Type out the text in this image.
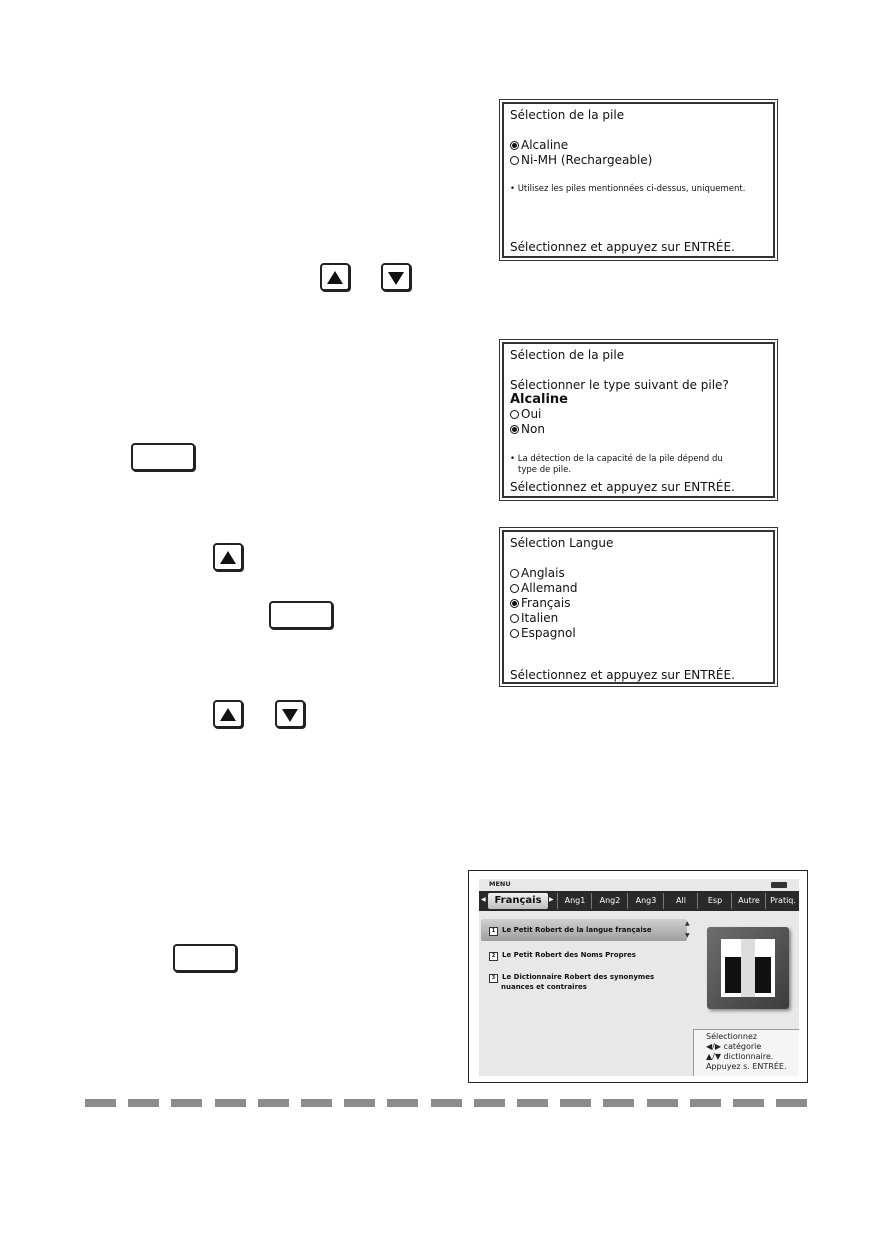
Sélection de la pile
Alcaline
Ni-MH (Rechargeable)
• Utilisez les piles mentionnées ci-dessus, uniquement.
Sélectionnez et appuyez sur ENTRÉE.
Sélection de la pile
Sélectionner le type suivant de pile?
Alcaline
Oui
Non
• La détection de la capacité de la pile dépend du
type de pile.
Sélectionnez et appuyez sur ENTRÉE.
Sélection Langue
Anglais
Allemand
Français
Italien
Espagnol
Sélectionnez et appuyez sur ENTRÉE.
MENU
◀ Français	▶	Ang1	Ang2	Ang3	All	Esp	Autre	Pratiq.
▲
▼
1 Le Petit Robert de la langue française
2 Le Petit Robert des Noms Propres
3 Le Dictionnaire Robert des synonymes
nuances et contraires
Sélectionnez
◀/▶ catégorie
▲/▼ dictionnaire.
Appuyez s. ENTRÉE.
